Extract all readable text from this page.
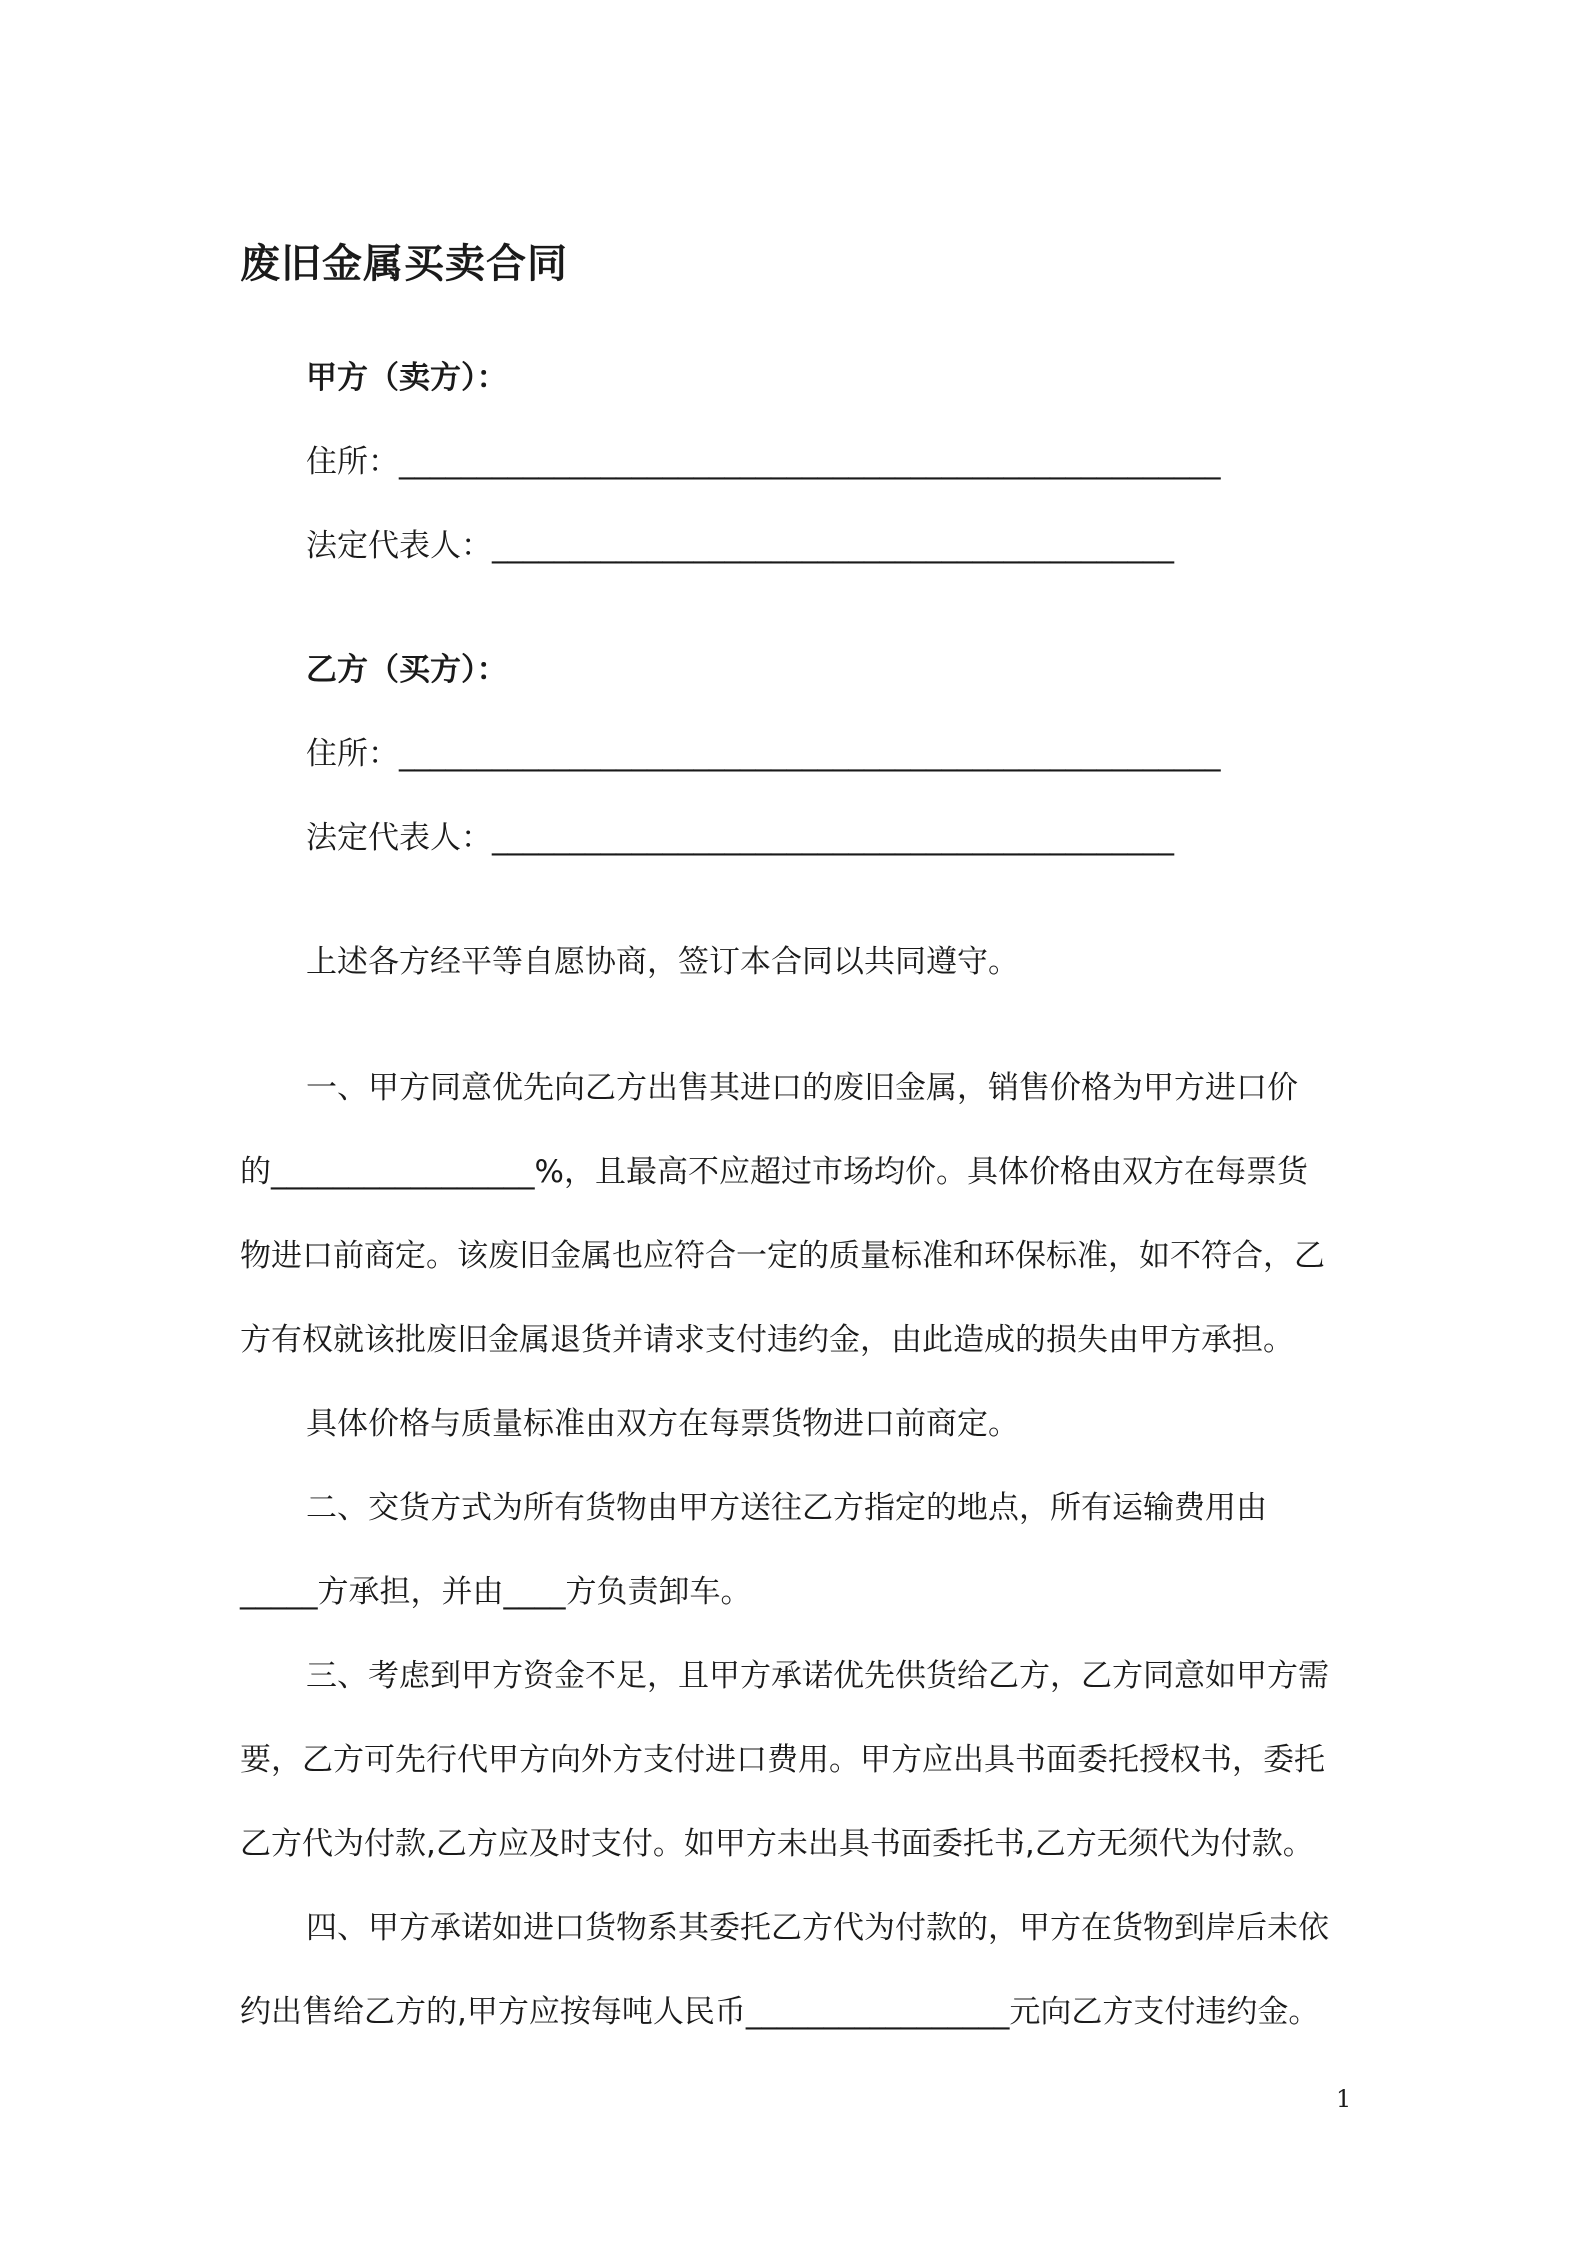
废旧金属买卖合同

甲方（卖方）：

住所：_____________________________________________________

法定代表人：____________________________________________

乙方（买方）：

住所：_____________________________________________________

法定代表人：____________________________________________

上述各方经平等自愿协商，签订本合同以共同遵守。

一、甲方同意优先向乙方出售其进口的废旧金属，销售价格为甲方进口价

的_________________%，且最高不应超过市场均价。具体价格由双方在每票货

物进口前商定。该废旧金属也应符合一定的质量标准和环保标准，如不符合，乙

方有权就该批废旧金属退货并请求支付违约金，由此造成的损失由甲方承担。

具体价格与质量标准由双方在每票货物进口前商定。

二、交货方式为所有货物由甲方送往乙方指定的地点，所有运输费用由

_____方承担，并由____方负责卸车。

三、考虑到甲方资金不足，且甲方承诺优先供货给乙方，乙方同意如甲方需

要，乙方可先行代甲方向外方支付进口费用。甲方应出具书面委托授权书，委托

乙方代为付款,乙方应及时支付。如甲方未出具书面委托书,乙方无须代为付款。

四、甲方承诺如进口货物系其委托乙方代为付款的，甲方在货物到岸后未依

约出售给乙方的,甲方应按每吨人民币_________________元向乙方支付违约金。

1
